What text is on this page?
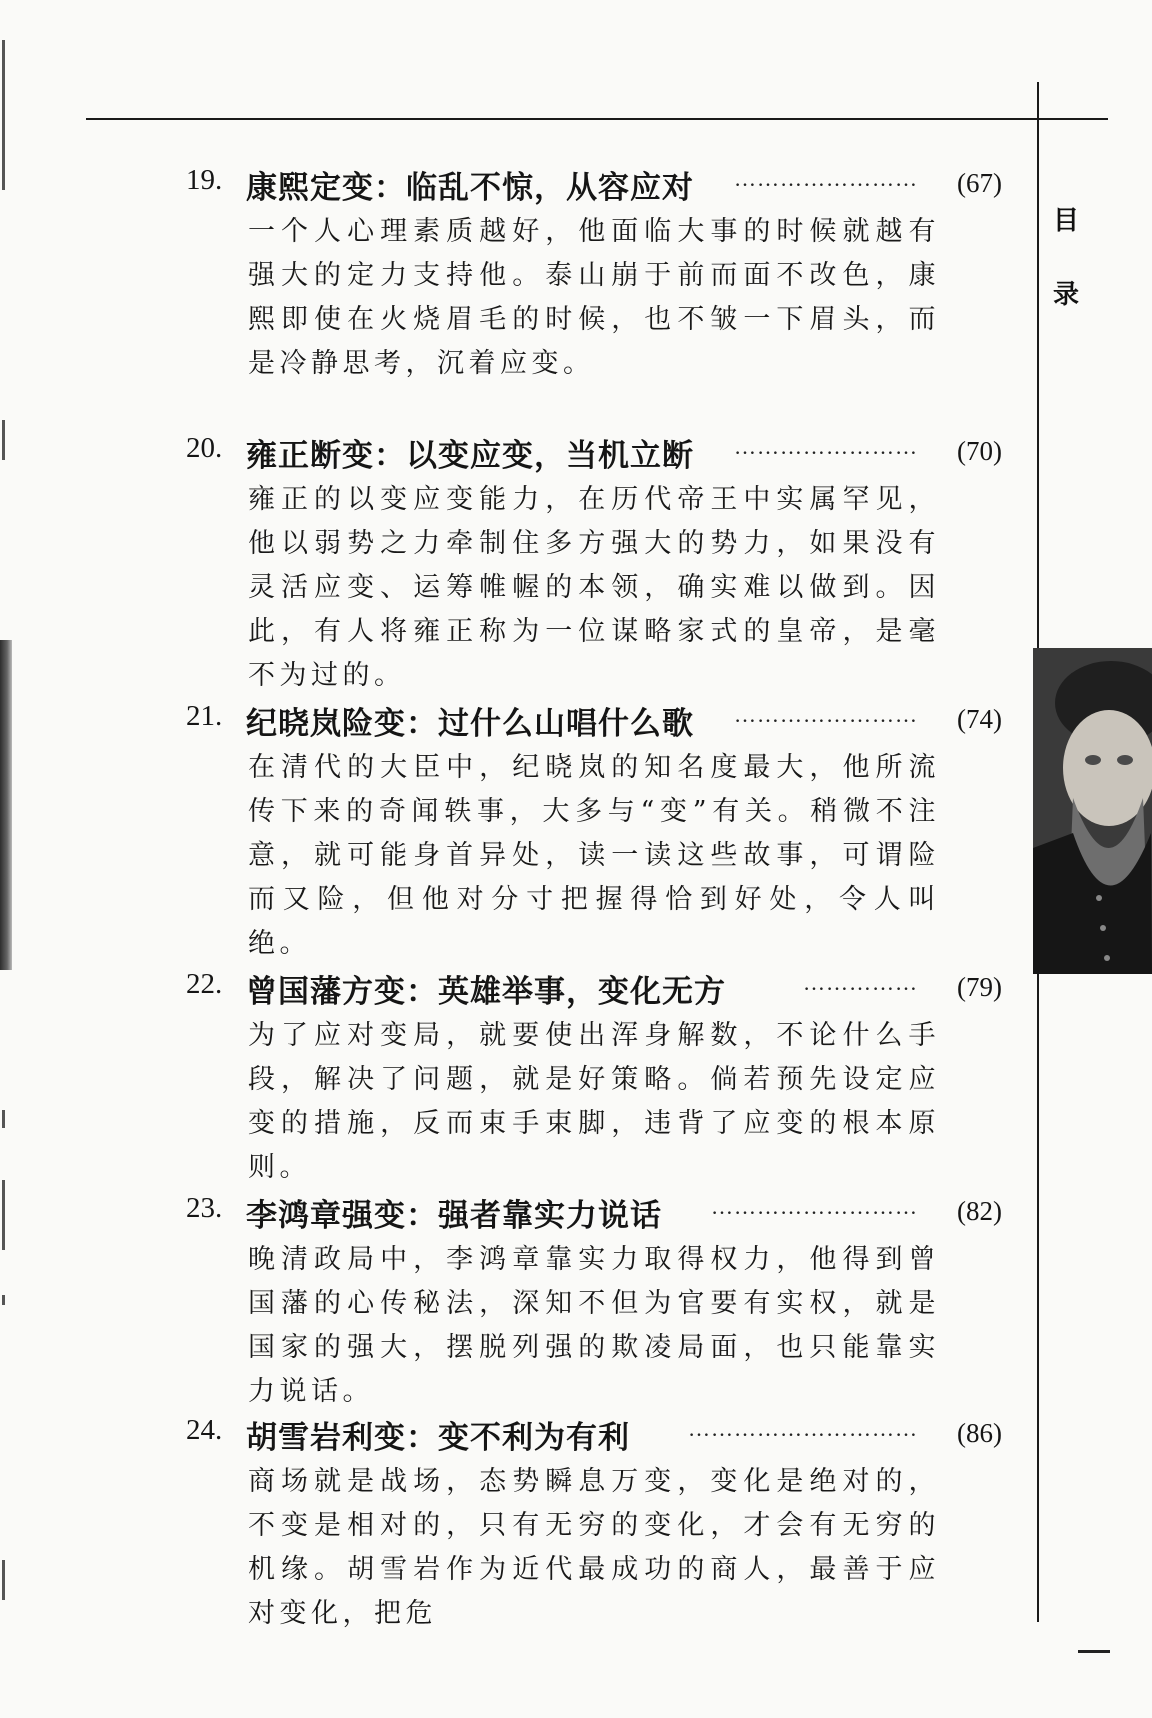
目
录
19. 康熙定变：临乱不惊，从容应对 …………………… (67)

一个人心理素质越好，他面临大事的时候就越有强大的定力支持他。泰山崩于前而面不改色，康熙即使在火烧眉毛的时候，也不皱一下眉头，而是冷静思考，沉着应变。

20. 雍正断变：以变应变，当机立断 …………………… (70)

雍正的以变应变能力，在历代帝王中实属罕见，他以弱势之力牵制住多方强大的势力，如果没有灵活应变、运筹帷幄的本领，确实难以做到。因此，有人将雍正称为一位谋略家式的皇帝，是毫不为过的。

21. 纪晓岚险变：过什么山唱什么歌 …………………… (74)

在清代的大臣中，纪晓岚的知名度最大，他所流传下来的奇闻轶事，大多与“变”有关。稍微不注意，就可能身首异处，读一读这些故事，可谓险而又险，但他对分寸把握得恰到好处，令人叫绝。

22. 曾国藩方变：英雄举事，变化无方	…………… (79)

为了应对变局，就要使出浑身解数，不论什么手段，解决了问题，就是好策略。倘若预先设定应变的措施，反而束手束脚，违背了应变的根本原则。

23. 李鸿章强变：强者靠实力说话 ……………………… (82)

晚清政局中，李鸿章靠实力取得权力，他得到曾国藩的心传秘法，深知不但为官要有实权，就是国家的强大，摆脱列强的欺凌局面，也只能靠实力说话。

24. 胡雪岩利变：变不利为有利	………………………… (86)

商场就是战场，态势瞬息万变，变化是绝对的，不变是相对的，只有无穷的变化，才会有无穷的机缘。胡雪岩作为近代最成功的商人，最善于应对变化，把危
